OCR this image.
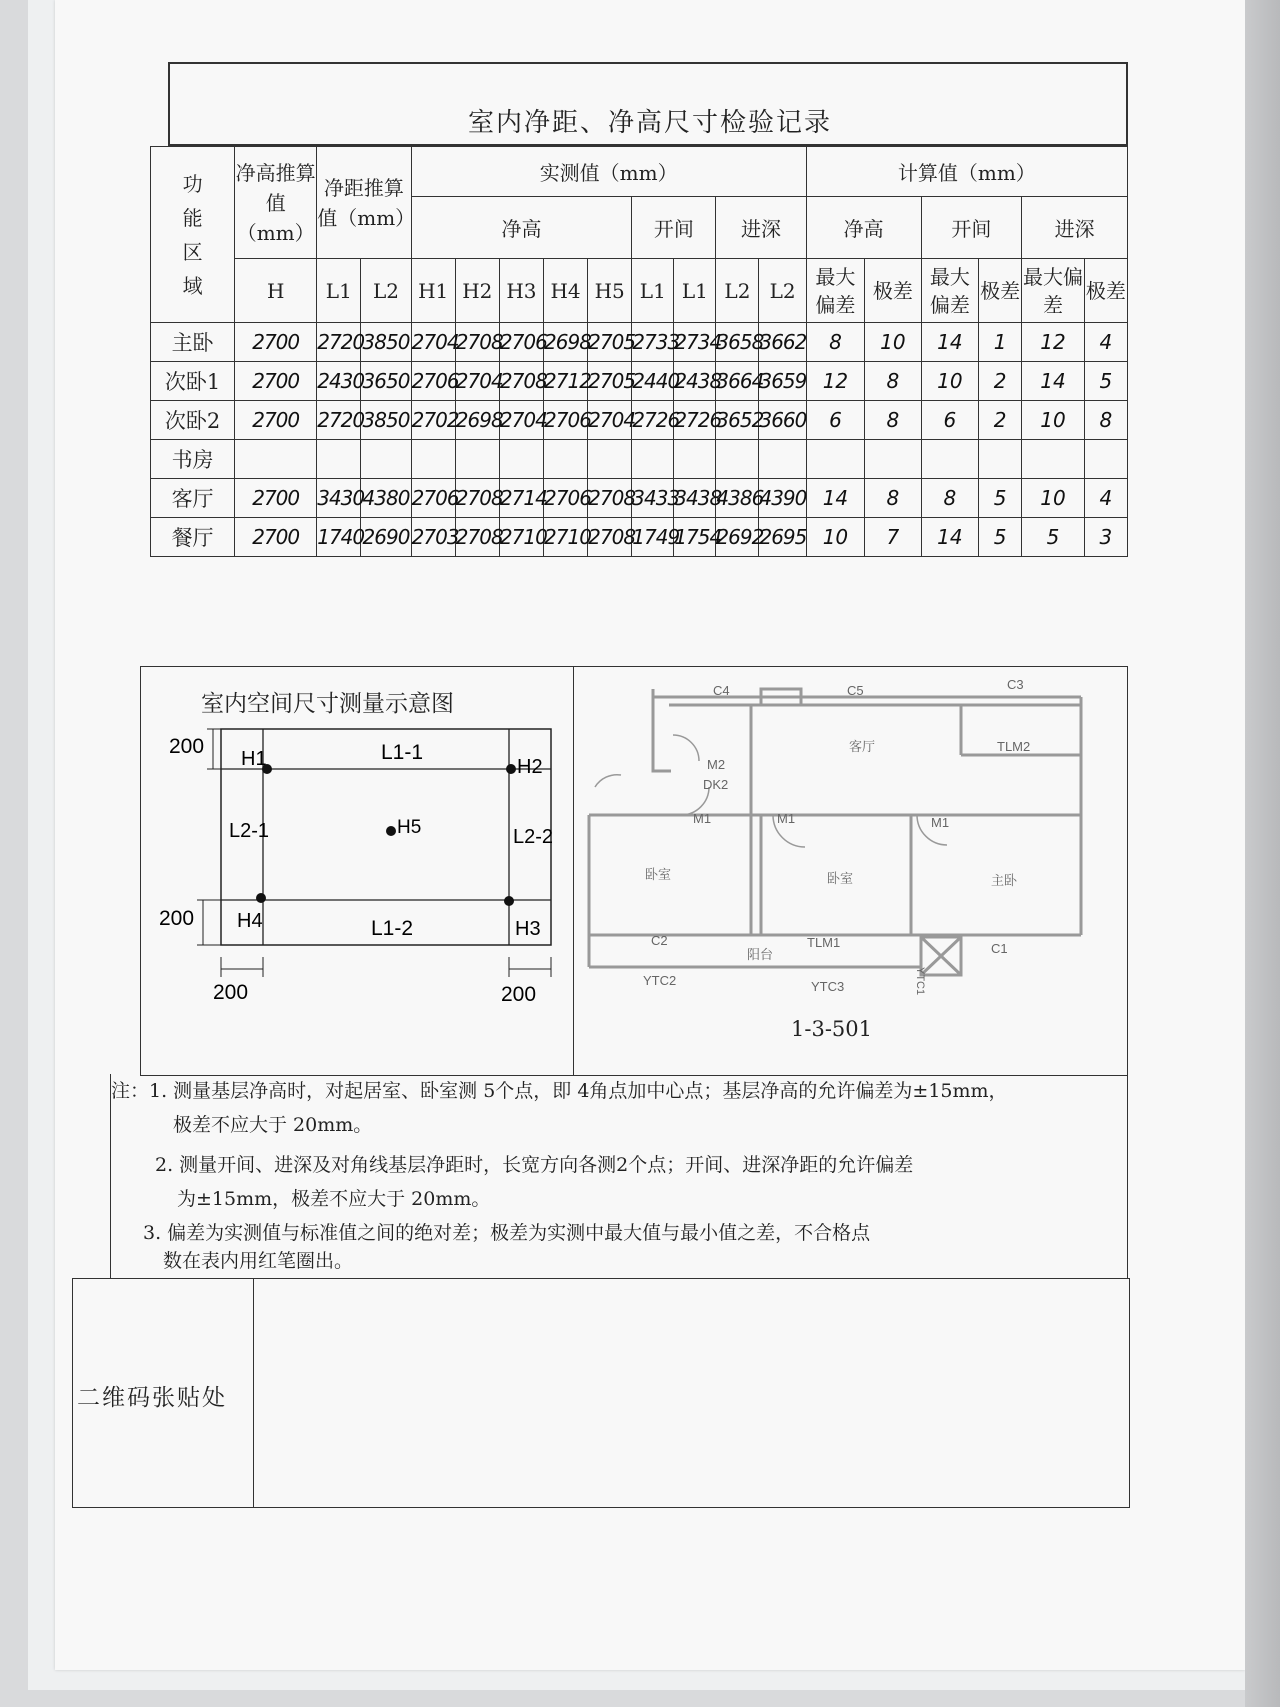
室内净距、净高尺寸检验记录
功能区域	净高推算值（mm）	净距推算值（mm）		实测值（mm）									计算值（mm）					
				净高					开间		进深		净高		开间		进深	
	H	L1	L2	H1	H2	H3	H4	H5	L1	L1	L2	L2	最大偏差	极差	最大偏差	极差	最大偏差	极差
主卧	2700	2720	3850	2704	2708	2706	2698	2705	2733	2734	3658	3662	8	10	14	1	12	4
次卧1	2700	2430	3650	2706	2704	2708	2712	2705	2440	2438	3664	3659	12	8	10	2	14	5
次卧2	2700	2720	3850	2702	2698	2704	2706	2704	2726	2726	3652	3660	6	8	6	2	10	8
书房																		
客厅	2700	3430	4380	2706	2708	2714	2706	2708	3433	3438	4386	4390	14	8	8	5	10	4
餐厅	2700	1740	2690	2703	2708	2710	2710	2708	1749	1754	2692	2695	10	7	14	5	5	3
室内空间尺寸测量示意图
200
200
200	200
H1	H2
H3
H4
H5
L1-1
L1-2
L2-1	L2-2
C4	C5	C3
客厅	TLM2
M2
DK2
M1	M1	M1
卧室	卧室	主卧
C2	TLM1	C1
阳台
YTC2	YTC3	YTC1
1-3-501
注：1. 测量基层净高时，对起居室、卧室测 5个点，即 4角点加中心点；基层净高的允许偏差为±15mm，
极差不应大于 20mm。
2. 测量开间、进深及对角线基层净距时，长宽方向各测2个点；开间、进深净距的允许偏差
为±15mm，极差不应大于 20mm。
3. 偏差为实测值与标准值之间的绝对差；极差为实测中最大值与最小值之差，不合格点
数在表内用红笔圈出。
二维码张贴处
